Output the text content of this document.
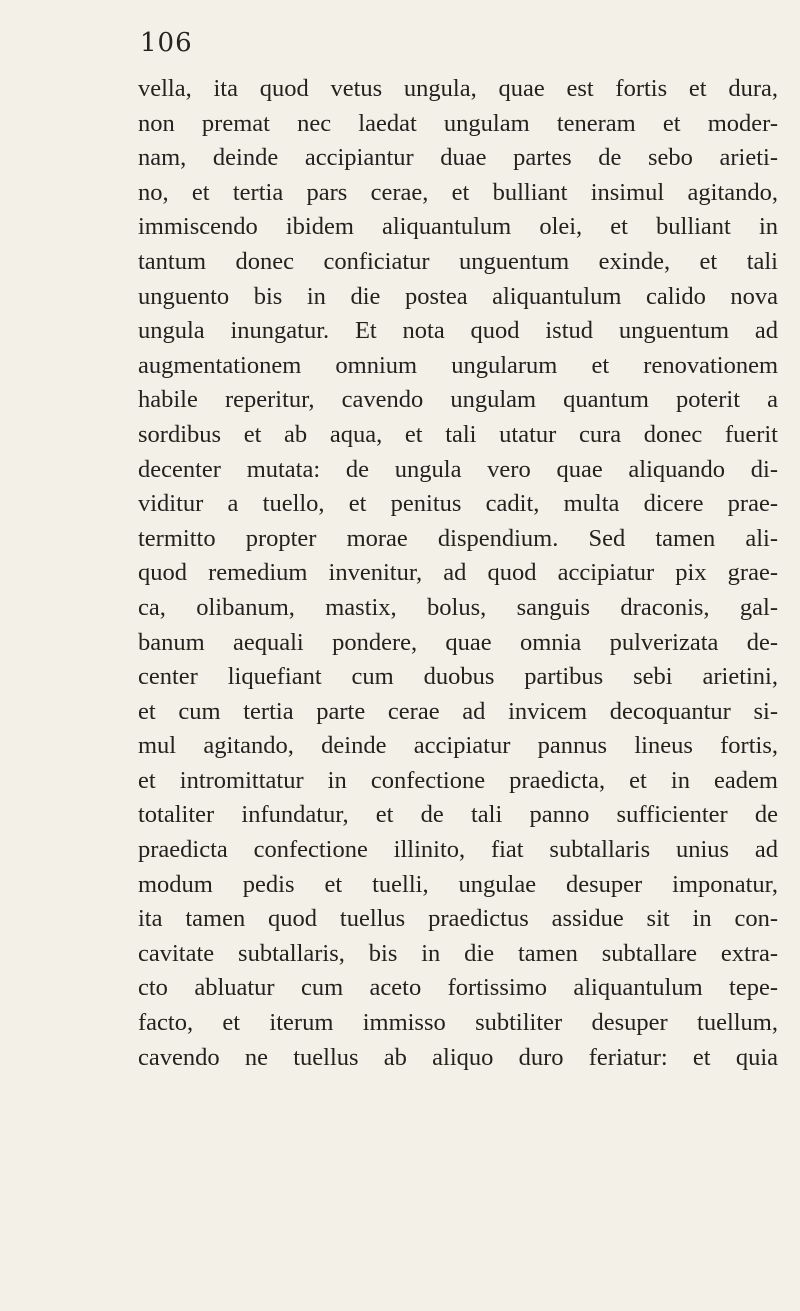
106
vella, ita quod vetus ungula, quae est fortis et dura,
non premat nec laedat ungulam teneram et moder-
nam, deinde accipiantur duae partes de sebo arieti-
no, et tertia pars cerae, et bulliant insimul agitando,
immiscendo ibidem aliquantulum olei, et bulliant in
tantum donec conficiatur unguentum exinde, et tali
unguento bis in die postea aliquantulum calido nova
ungula inungatur. Et nota quod istud unguentum ad
augmentationem omnium ungularum et renovationem
habile reperitur, cavendo ungulam quantum poterit a
sordibus et ab aqua, et tali utatur cura donec fuerit
decenter mutata: de ungula vero quae aliquando di-
viditur a tuello, et penitus cadit, multa dicere prae-
termitto propter morae dispendium. Sed tamen ali-
quod remedium invenitur, ad quod accipiatur pix grae-
ca, olibanum, mastix, bolus, sanguis draconis, gal-
banum aequali pondere, quae omnia pulverizata de-
center liquefiant cum duobus partibus sebi arietini,
et cum tertia parte cerae ad invicem decoquantur si-
mul agitando, deinde accipiatur pannus lineus fortis,
et intromittatur in confectione praedicta, et in eadem
totaliter infundatur, et de tali panno sufficienter de
praedicta confectione illinito, fiat subtallaris unius ad
modum pedis et tuelli, ungulae desuper imponatur,
ita tamen quod tuellus praedictus assidue sit in con-
cavitate subtallaris, bis in die tamen subtallare extra-
cto abluatur cum aceto fortissimo aliquantulum tepe-
facto, et iterum immisso subtiliter desuper tuellum,
cavendo ne tuellus ab aliquo duro feriatur: et quia
